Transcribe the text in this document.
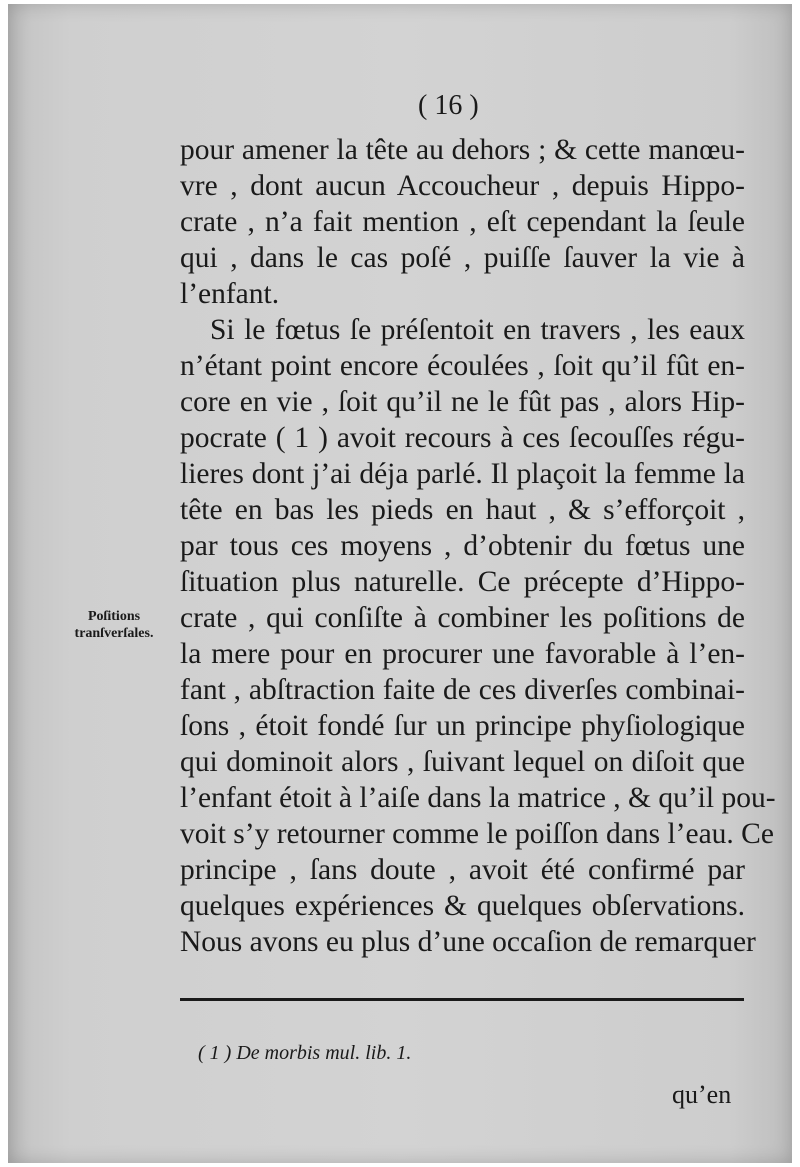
( 16 )
pour amener la tête au dehors ; & cette manœu-
vre , dont aucun Accoucheur , depuis Hippo-
crate , n’a fait mention , eſt cependant la ſeule
qui , dans le cas poſé , puiſſe ſauver la vie à
l’enfant.
Si le fœtus ſe préſentoit en travers , les eaux
n’étant point encore écoulées , ſoit qu’il fût en-
core en vie , ſoit qu’il ne le fût pas , alors Hip-
pocrate ( 1 ) avoit recours à ces ſecouſſes régu-
lieres dont j’ai déja parlé. Il plaçoit la femme la
tête en bas les pieds en haut , & s’efforçoit ,
par tous ces moyens , d’obtenir du fœtus une
ſituation plus naturelle. Ce précepte d’Hippo-
crate , qui conſiſte à combiner les poſitions de
la mere pour en procurer une favorable à l’en-
fant , abſtraction faite de ces diverſes combinai-
ſons , étoit fondé ſur un principe phyſiologique
qui dominoit alors , ſuivant lequel on diſoit que
l’enfant étoit à l’aiſe dans la matrice , & qu’il pou-
voit s’y retourner comme le poiſſon dans l’eau. Ce
principe , ſans doute , avoit été confirmé par
quelques expériences & quelques obſervations.
Nous avons eu plus d’une occaſion de remarquer
Poſitions
tranſverſales.
( 1 ) De morbis mul. lib. 1.
qu’en
